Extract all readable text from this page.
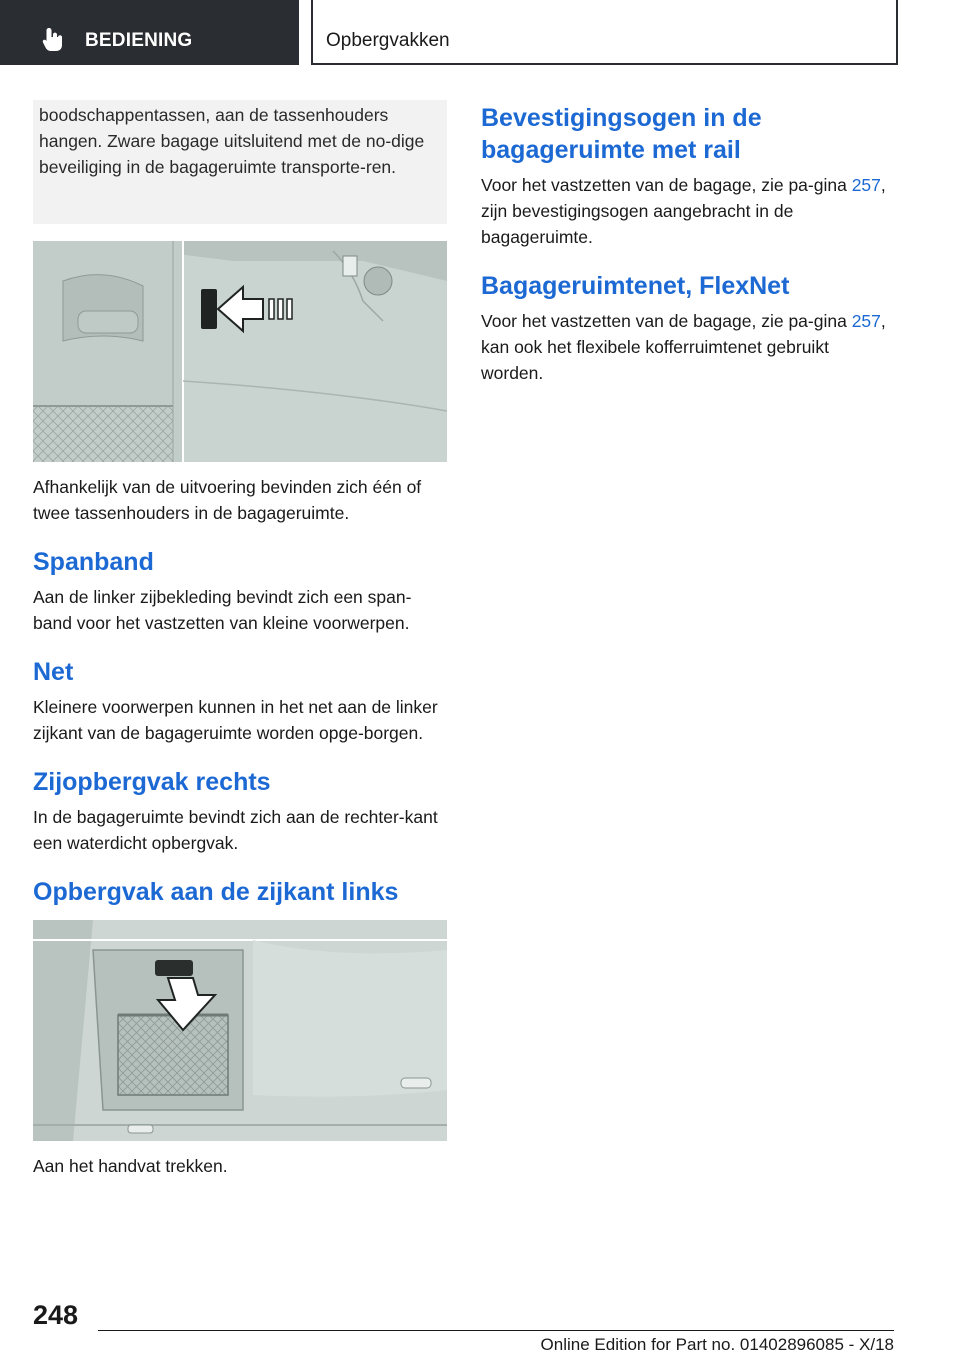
BEDIENING	Opbergvakken
boodschappentassen, aan de tassenhouders hangen. Zware bagage uitsluitend met de no-dige beveiliging in de bagageruimte transporte-ren.

Afhankelijk van de uitvoering bevinden zich één of twee tassenhouders in de bagageruimte.

Spanband

Aan de linker zijbekleding bevindt zich een span-band voor het vastzetten van kleine voorwerpen.

Net

Kleinere voorwerpen kunnen in het net aan de linker zijkant van de bagageruimte worden opge-borgen.

Zijopbergvak rechts

In de bagageruimte bevindt zich aan de rechter-kant een waterdicht opbergvak.

Opbergvak aan de zijkant links

Aan het handvat trekken.

Bevestigingsogen in de bagageruimte met rail

Voor het vastzetten van de bagage, zie pa-gina 257, zijn bevestigingsogen aangebracht in de bagageruimte.

Bagageruimtenet, FlexNet

Voor het vastzetten van de bagage, zie pa-gina 257, kan ook het flexibele kofferruimtenet gebruikt worden.

248
Online Edition for Part no. 01402896085 - X/18
